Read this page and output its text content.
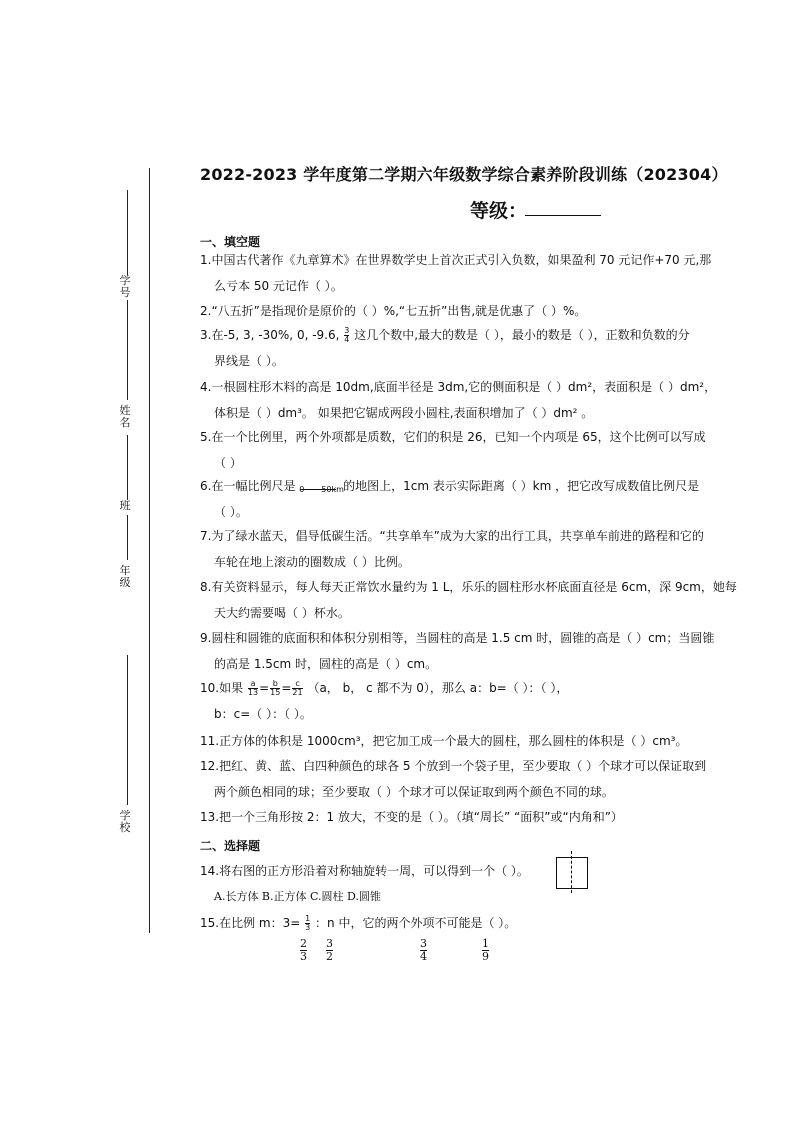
学号
姓名
班
年级
学 校
2022-2023 学年度第二学期六年级数学综合素养阶段训练（202304）
等级：
一、填空题
1.中国古代著作《九章算术》在世界数学史上首次正式引入负数，如果盈利 70 元记作+70 元,那
么亏本 50 元记作（ ）。
2.“八五折”是指现价是原价的（ ）%,“七五折”出售,就是优惠了（ ）%。
3.在-5, 3, -30%, 0, -9.6, $\frac{3}{4}$ 这几个数中,最大的数是（ ），最小的数是（ ），正数和负数的分
界线是（ ）。
4.一根圆柱形木料的高是 10dm,底面半径是 3dm,它的侧面积是（ ）dm²，表面积是（ ）dm²，
体积是（ ）dm³。 如果把它锯成两段小圆柱,表面积增加了（ ）dm² 。
5.在一个比例里，两个外项都是质数，它们的积是 26，已知一个内项是 65，这个比例可以写成
（ ）
6.在一幅比例尺是 0 50km 的地图上，1cm 表示实际距离（ ）km ，把它改写成数值比例尺是
（ ）。
7.为了绿水蓝天，倡导低碳生活。“共享单车”成为大家的出行工具，共享单车前进的路程和它的
车轮在地上滚动的圈数成（ ）比例。
8.有关资料显示，每人每天正常饮水量约为 1 L，乐乐的圆柱形水杯底面直径是 6cm，深 9cm，她每
天大约需要喝（ ）杯水。
9.圆柱和圆锥的底面积和体积分别相等，当圆柱的高是 1.5 cm 时，圆锥的高是（ ）cm；当圆锥
的高是 1.5cm 时，圆柱的高是（ ）cm。
10.如果 $\frac{a}{13} = \frac{b}{15} = \frac{c}{21} (a$， b， c 都不为 0），那么 a：b=（ ）：（ ），
b：c=（ ）：（ ）。
11.正方体的体积是 1000cm³，把它加工成一个最大的圆柱，那么圆柱的体积是（ ）cm³。
12.把红、黄、蓝、白四种颜色的球各 5 个放到一个袋子里，至少要取（ ）个球才可以保证取到
两个颜色相同的球；至少要取（ ）个球才可以保证取到两个颜色不同的球。
13.把一个三角形按 2：1 放大，不变的是（ ）。（填“周长” “面积”或“内角和”）
二、选择题
14.将右图的正方形沿着对称轴旋转一周，可以得到一个（ ）。
A.长方体 B.正方体 C.圆柱 D.圆锥
15.在比例 m：$3= \frac{1}{3}$ ：n 中，它的两个外项不可能是（ ）。
2
3
3
2
3
4
1
9
